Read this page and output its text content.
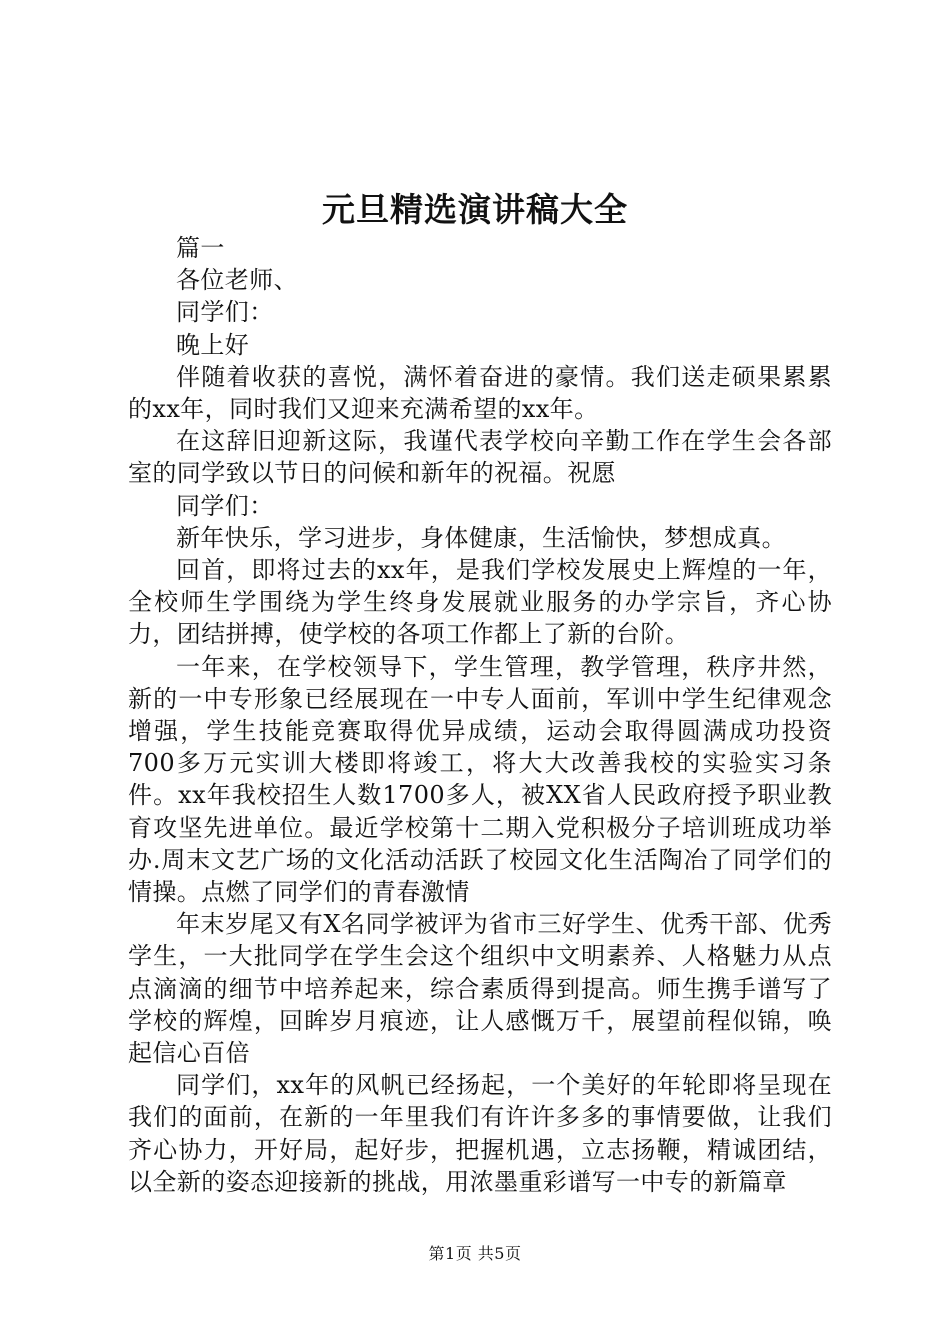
元旦精选演讲稿大全

篇一

各位老师、

同学们：

晚上好

伴随着收获的喜悦，满怀着奋进的豪情。我们送走硕果累累的xx年，同时我们又迎来充满希望的xx年。

在这辞旧迎新这际，我谨代表学校向辛勤工作在学生会各部室的同学致以节日的问候和新年的祝福。祝愿

同学们：

新年快乐，学习进步，身体健康，生活愉快，梦想成真。

回首，即将过去的xx年，是我们学校发展史上辉煌的一年，全校师生学围绕为学生终身发展就业服务的办学宗旨，齐心协力，团结拼搏，使学校的各项工作都上了新的台阶。

一年来，在学校领导下，学生管理，教学管理，秩序井然，新的一中专形象已经展现在一中专人面前，军训中学生纪律观念增强，学生技能竞赛取得优异成绩，运动会取得圆满成功投资700多万元实训大楼即将竣工，将大大改善我校的实验实习条件。xx年我校招生人数1700多人，被XX省人民政府授予职业教育攻坚先进单位。最近学校第十二期入党积极分子培训班成功举办.周末文艺广场的文化活动活跃了校园文化生活陶冶了同学们的情操。点燃了同学们的青春激情

年末岁尾又有X名同学被评为省市三好学生、优秀干部、优秀学生，一大批同学在学生会这个组织中文明素养、人格魅力从点点滴滴的细节中培养起来，综合素质得到提高。师生携手谱写了学校的辉煌，回眸岁月痕迹，让人感慨万千，展望前程似锦，唤起信心百倍

同学们，xx年的风帆已经扬起，一个美好的年轮即将呈现在我们的面前，在新的一年里我们有许许多多的事情要做，让我们齐心协力，开好局，起好步，把握机遇，立志扬鞭，精诚团结，以全新的姿态迎接新的挑战，用浓墨重彩谱写一中专的新篇章

第1页 共5页
